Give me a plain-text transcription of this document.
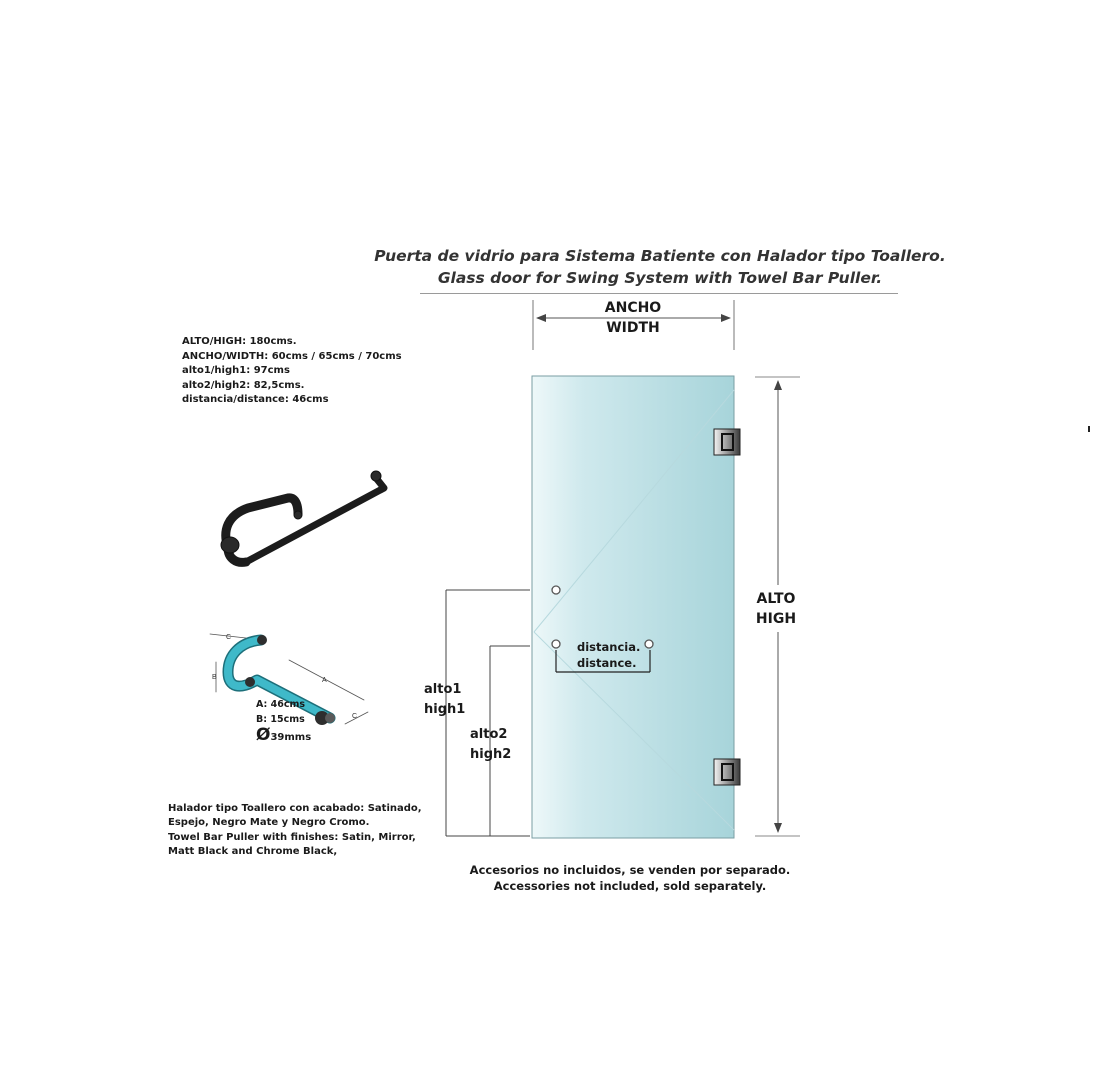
Puerta de vidrio para Sistema Batiente con Halador tipo Toallero.
Glass door for Swing System with Towel Bar Puller.
ALTO/HIGH: 180cms.
ANCHO/WIDTH: 60cms / 65cms / 70cms
alto1/high1: 97cms
alto2/high2: 82,5cms.
distancia/distance: 46cms
C
B	A
C
ANCHO
WIDTH
ALTO
HIGH
alto1
high1
alto2
high2
distancia.
distance.
A: 46cms
B: 15cms
Ø39mms
Halador tipo Toallero con acabado: Satinado, Espejo, Negro Mate y Negro Cromo.
Towel Bar Puller with finishes: Satin, Mirror, Matt Black and Chrome Black,
Accesorios no incluidos, se venden por separado.
Accessories not included, sold separately.
